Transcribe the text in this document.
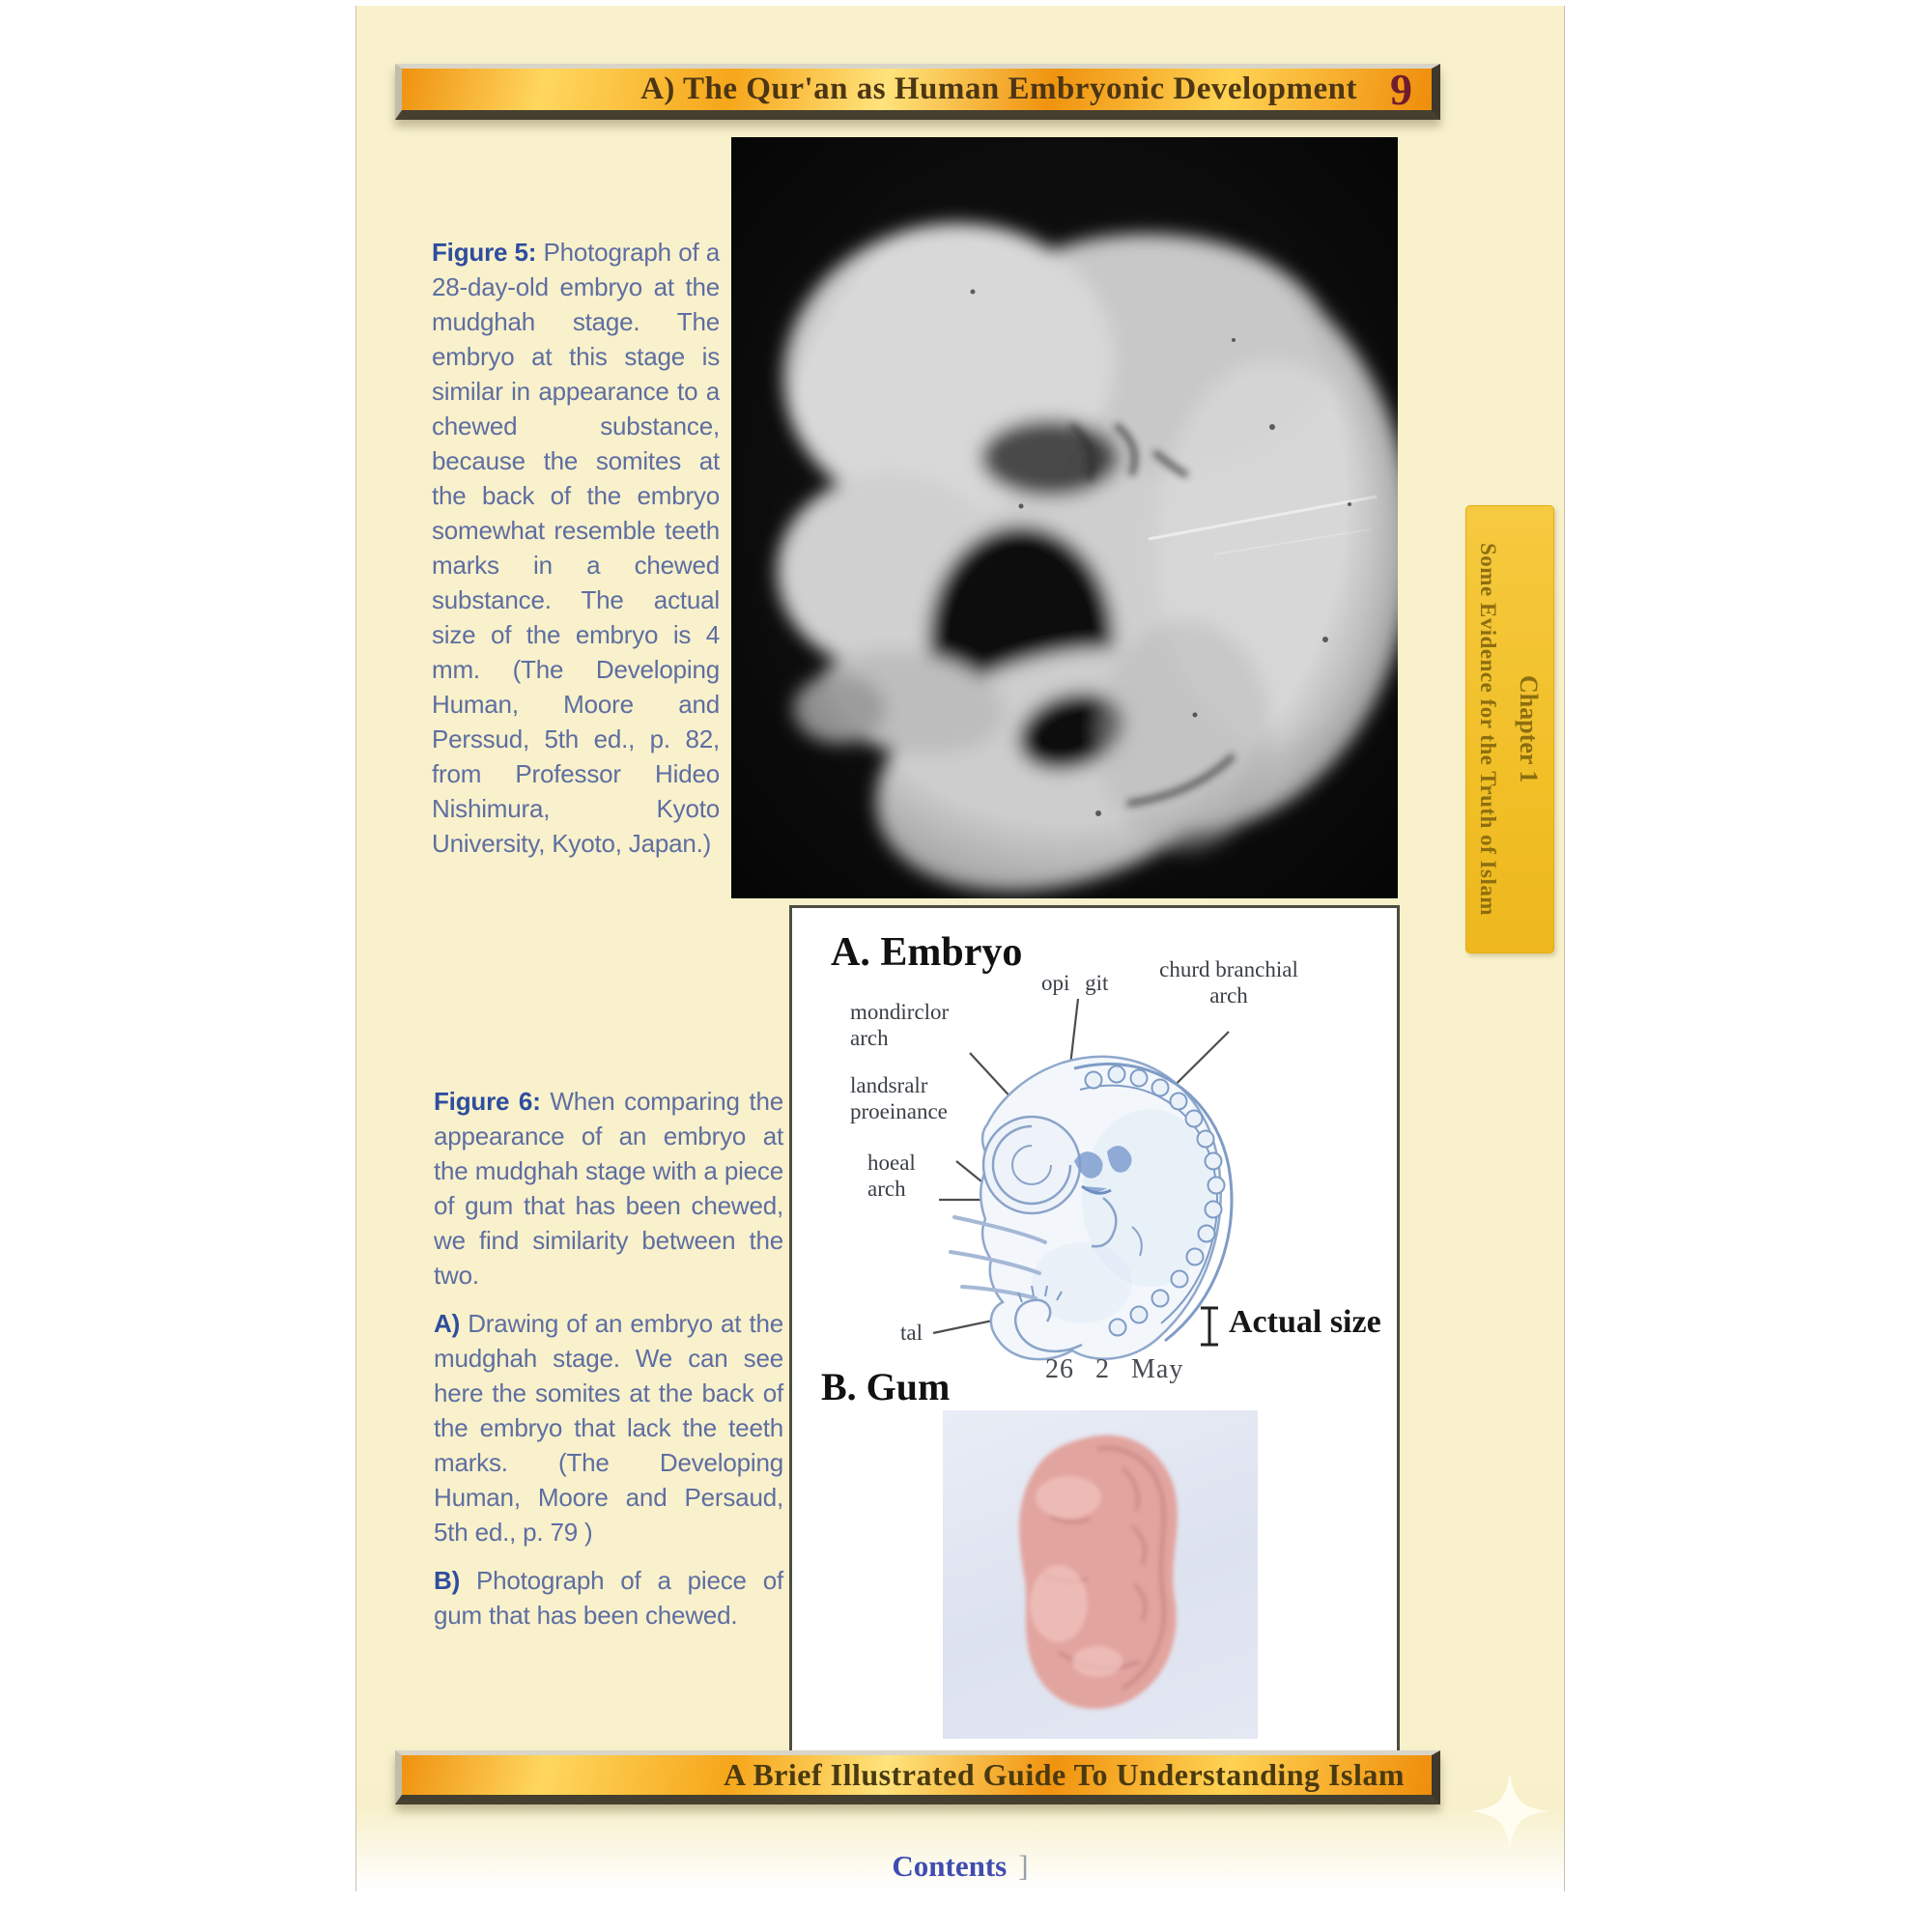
A) The Qur'an as Human Embryonic Development 9

Figure 5: Photograph of a 28-day-old embryo at the mudghah stage. The embryo at this stage is similar in appearance to a chewed substance, because the somites at the back of the embryo somewhat resemble teeth marks in a chewed substance. The actual size of the embryo is 4 mm. (The Developing Human, Moore and Perssud, 5th ed., p. 82, from Professor Hideo Nishimura, Kyoto University, Kyoto, Japan.)

Figure 6: When comparing the appearance of an embryo at the mudghah stage with a piece of gum that has been chewed, we find similarity between the two.

A) Drawing of an embryo at the mudghah stage. We can see here the somites at the back of the embryo that lack the teeth marks. (The Developing Human, Moore and Persaud, 5th ed., p. 79 )

B) Photograph of a piece of gum that has been chewed.

A. Embryo
opi git
churd branchial
arch
mondirclor
arch
landsralr
proeinance
hoeal
arch
tal	Actual size
26 2 May
B. Gum
A Brief Illustrated Guide To Understanding Islam
Chapter 1
Some Evidence for the Truth of Islam
Contents ]
